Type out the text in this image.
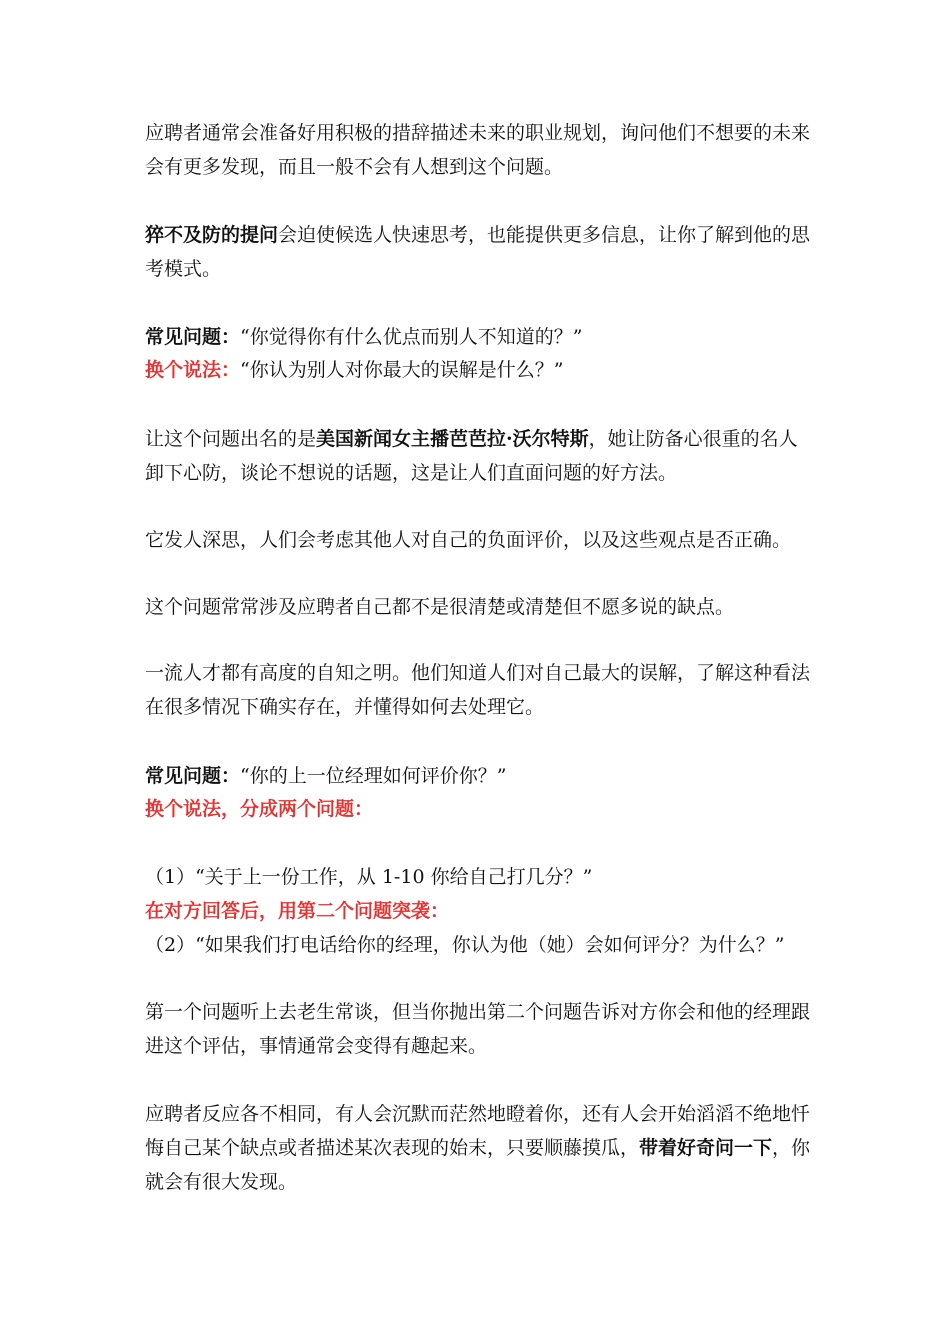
应聘者通常会准备好用积极的措辞描述未来的职业规划，询问他们不想要的未来会有更多发现，而且一般不会有人想到这个问题。

猝不及防的提问会迫使候选人快速思考，也能提供更多信息，让你了解到他的思考模式。

常见问题：“你觉得你有什么优点而别人不知道的？”
换个说法：“你认为别人对你最大的误解是什么？”

让这个问题出名的是美国新闻女主播芭芭拉·沃尔特斯，她让防备心很重的名人卸下心防，谈论不想说的话题，这是让人们直面问题的好方法。

它发人深思，人们会考虑其他人对自己的负面评价，以及这些观点是否正确。

这个问题常常涉及应聘者自己都不是很清楚或清楚但不愿多说的缺点。

一流人才都有高度的自知之明。他们知道人们对自己最大的误解，了解这种看法在很多情况下确实存在，并懂得如何去处理它。

常见问题：“你的上一位经理如何评价你？”
换个说法，分成两个问题：
（1）“关于上一份工作，从 1-10 你给自己打几分？”
在对方回答后，用第二个问题突袭：
（2）“如果我们打电话给你的经理，你认为他（她）会如何评分？为什么？”

第一个问题听上去老生常谈，但当你抛出第二个问题告诉对方你会和他的经理跟进这个评估，事情通常会变得有趣起来。

应聘者反应各不相同，有人会沉默而茫然地瞪着你，还有人会开始滔滔不绝地忏悔自己某个缺点或者描述某次表现的始末，只要顺藤摸瓜，带着好奇问一下，你就会有很大发现。
